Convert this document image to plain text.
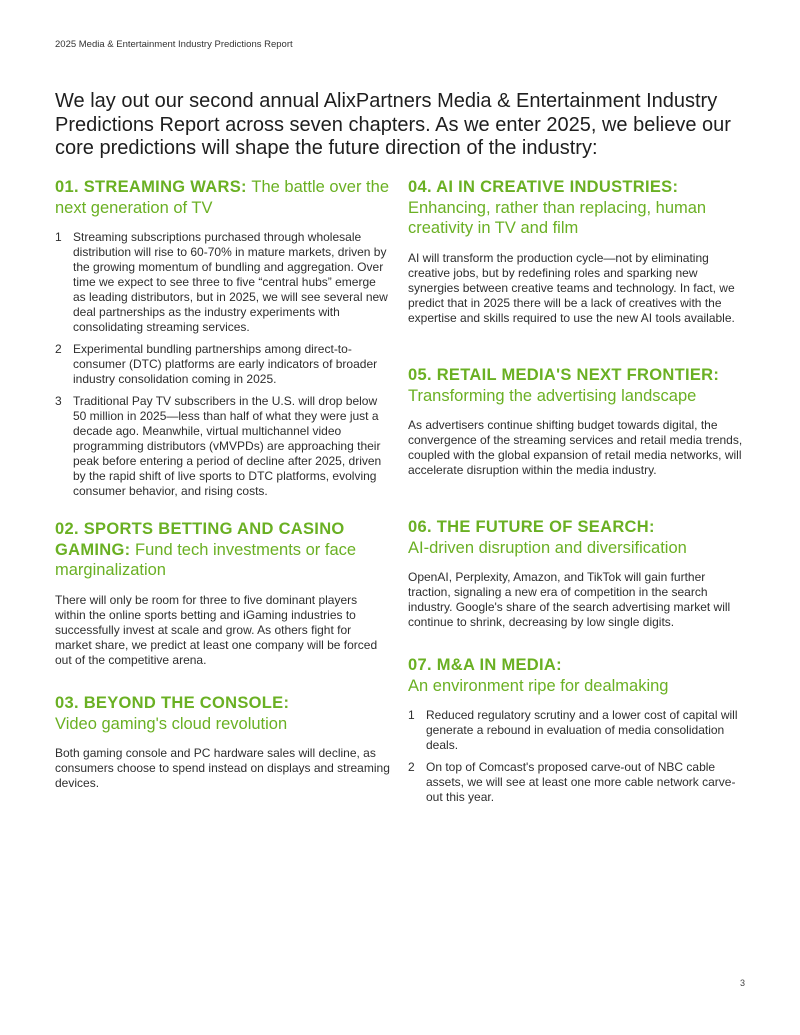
2025 Media & Entertainment Industry Predictions Report
We lay out our second annual AlixPartners Media & Entertainment Industry Predictions Report across seven chapters. As we enter 2025, we believe our core predictions will shape the future direction of the industry:
01. STREAMING WARS: The battle over the next generation of TV
1 Streaming subscriptions purchased through wholesale distribution will rise to 60-70% in mature markets, driven by the growing momentum of bundling and aggregation. Over time we expect to see three to five “central hubs” emerge as leading distributors, but in 2025, we will see several new deal partnerships as the industry experiments with consolidating streaming services.
2 Experimental bundling partnerships among direct-to-consumer (DTC) platforms are early indicators of broader industry consolidation coming in 2025.
3 Traditional Pay TV subscribers in the U.S. will drop below 50 million in 2025—less than half of what they were just a decade ago. Meanwhile, virtual multichannel video programming distributors (vMVPDs) are approaching their peak before entering a period of decline after 2025, driven by the rapid shift of live sports to DTC platforms, evolving consumer behavior, and rising costs.
02. SPORTS BETTING AND CASINO GAMING: Fund tech investments or face marginalization
There will only be room for three to five dominant players within the online sports betting and iGaming industries to successfully invest at scale and grow. As others fight for market share, we predict at least one company will be forced out of the competitive arena.
03. BEYOND THE CONSOLE:
Video gaming's cloud revolution
Both gaming console and PC hardware sales will decline, as consumers choose to spend instead on displays and streaming devices.
04. AI IN CREATIVE INDUSTRIES:
Enhancing, rather than replacing, human creativity in TV and film
AI will transform the production cycle—not by eliminating creative jobs, but by redefining roles and sparking new synergies between creative teams and technology. In fact, we predict that in 2025 there will be a lack of creatives with the expertise and skills required to use the new AI tools available.
05. RETAIL MEDIA'S NEXT FRONTIER:
Transforming the advertising landscape
As advertisers continue shifting budget towards digital, the convergence of the streaming services and retail media trends, coupled with the global expansion of retail media networks, will accelerate disruption within the media industry.
06. THE FUTURE OF SEARCH:
AI-driven disruption and diversification
OpenAI, Perplexity, Amazon, and TikTok will gain further traction, signaling a new era of competition in the search industry. Google's share of the search advertising market will continue to shrink, decreasing by low single digits.
07. M&A IN MEDIA:
An environment ripe for dealmaking
1 Reduced regulatory scrutiny and a lower cost of capital will generate a rebound in evaluation of media consolidation deals.
2 On top of Comcast's proposed carve-out of NBC cable assets, we will see at least one more cable network carve-out this year.
3
